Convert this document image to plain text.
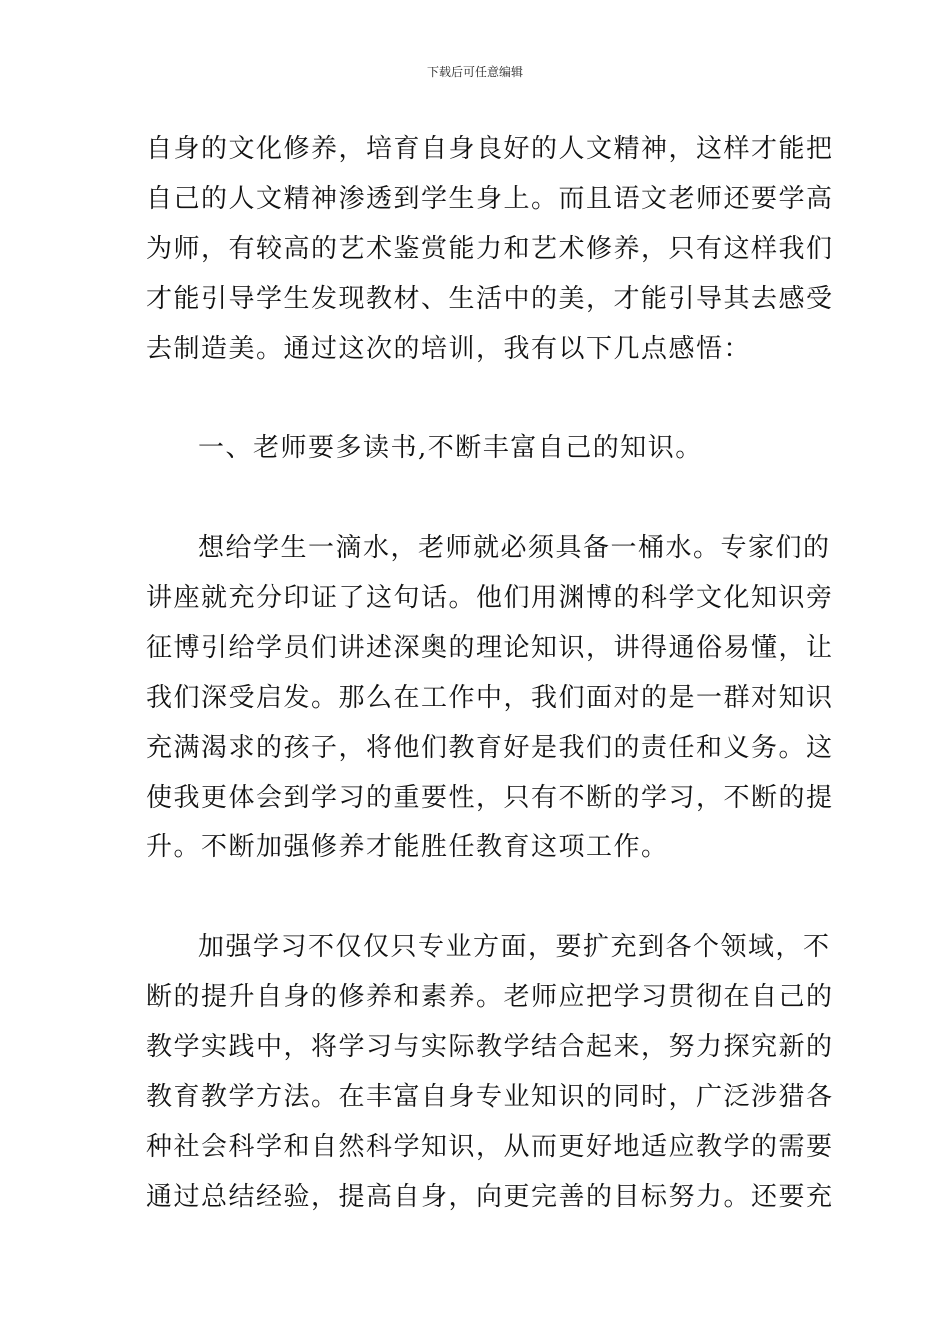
下载后可任意编辑
自身的文化修养，培育自身良好的人文精神，这样才能把
自己的人文精神渗透到学生身上。而且语文老师还要学高
为师，有较高的艺术鉴赏能力和艺术修养，只有这样我们
才能引导学生发现教材、生活中的美，才能引导其去感受
去制造美。通过这次的培训，我有以下几点感悟：
一、老师要多读书,不断丰富自己的知识。
想给学生一滴水，老师就必须具备一桶水。专家们的
讲座就充分印证了这句话。他们用渊博的科学文化知识旁
征博引给学员们讲述深奥的理论知识，讲得通俗易懂，让
我们深受启发。那么在工作中，我们面对的是一群对知识
充满渴求的孩子，将他们教育好是我们的责任和义务。这
使我更体会到学习的重要性，只有不断的学习，不断的提
升。不断加强修养才能胜任教育这项工作。
加强学习不仅仅只专业方面，要扩充到各个领域，不
断的提升自身的修养和素养。老师应把学习贯彻在自己的
教学实践中，将学习与实际教学结合起来，努力探究新的
教育教学方法。在丰富自身专业知识的同时，广泛涉猎各
种社会科学和自然科学知识，从而更好地适应教学的需要
通过总结经验，提高自身，向更完善的目标努力。还要充
